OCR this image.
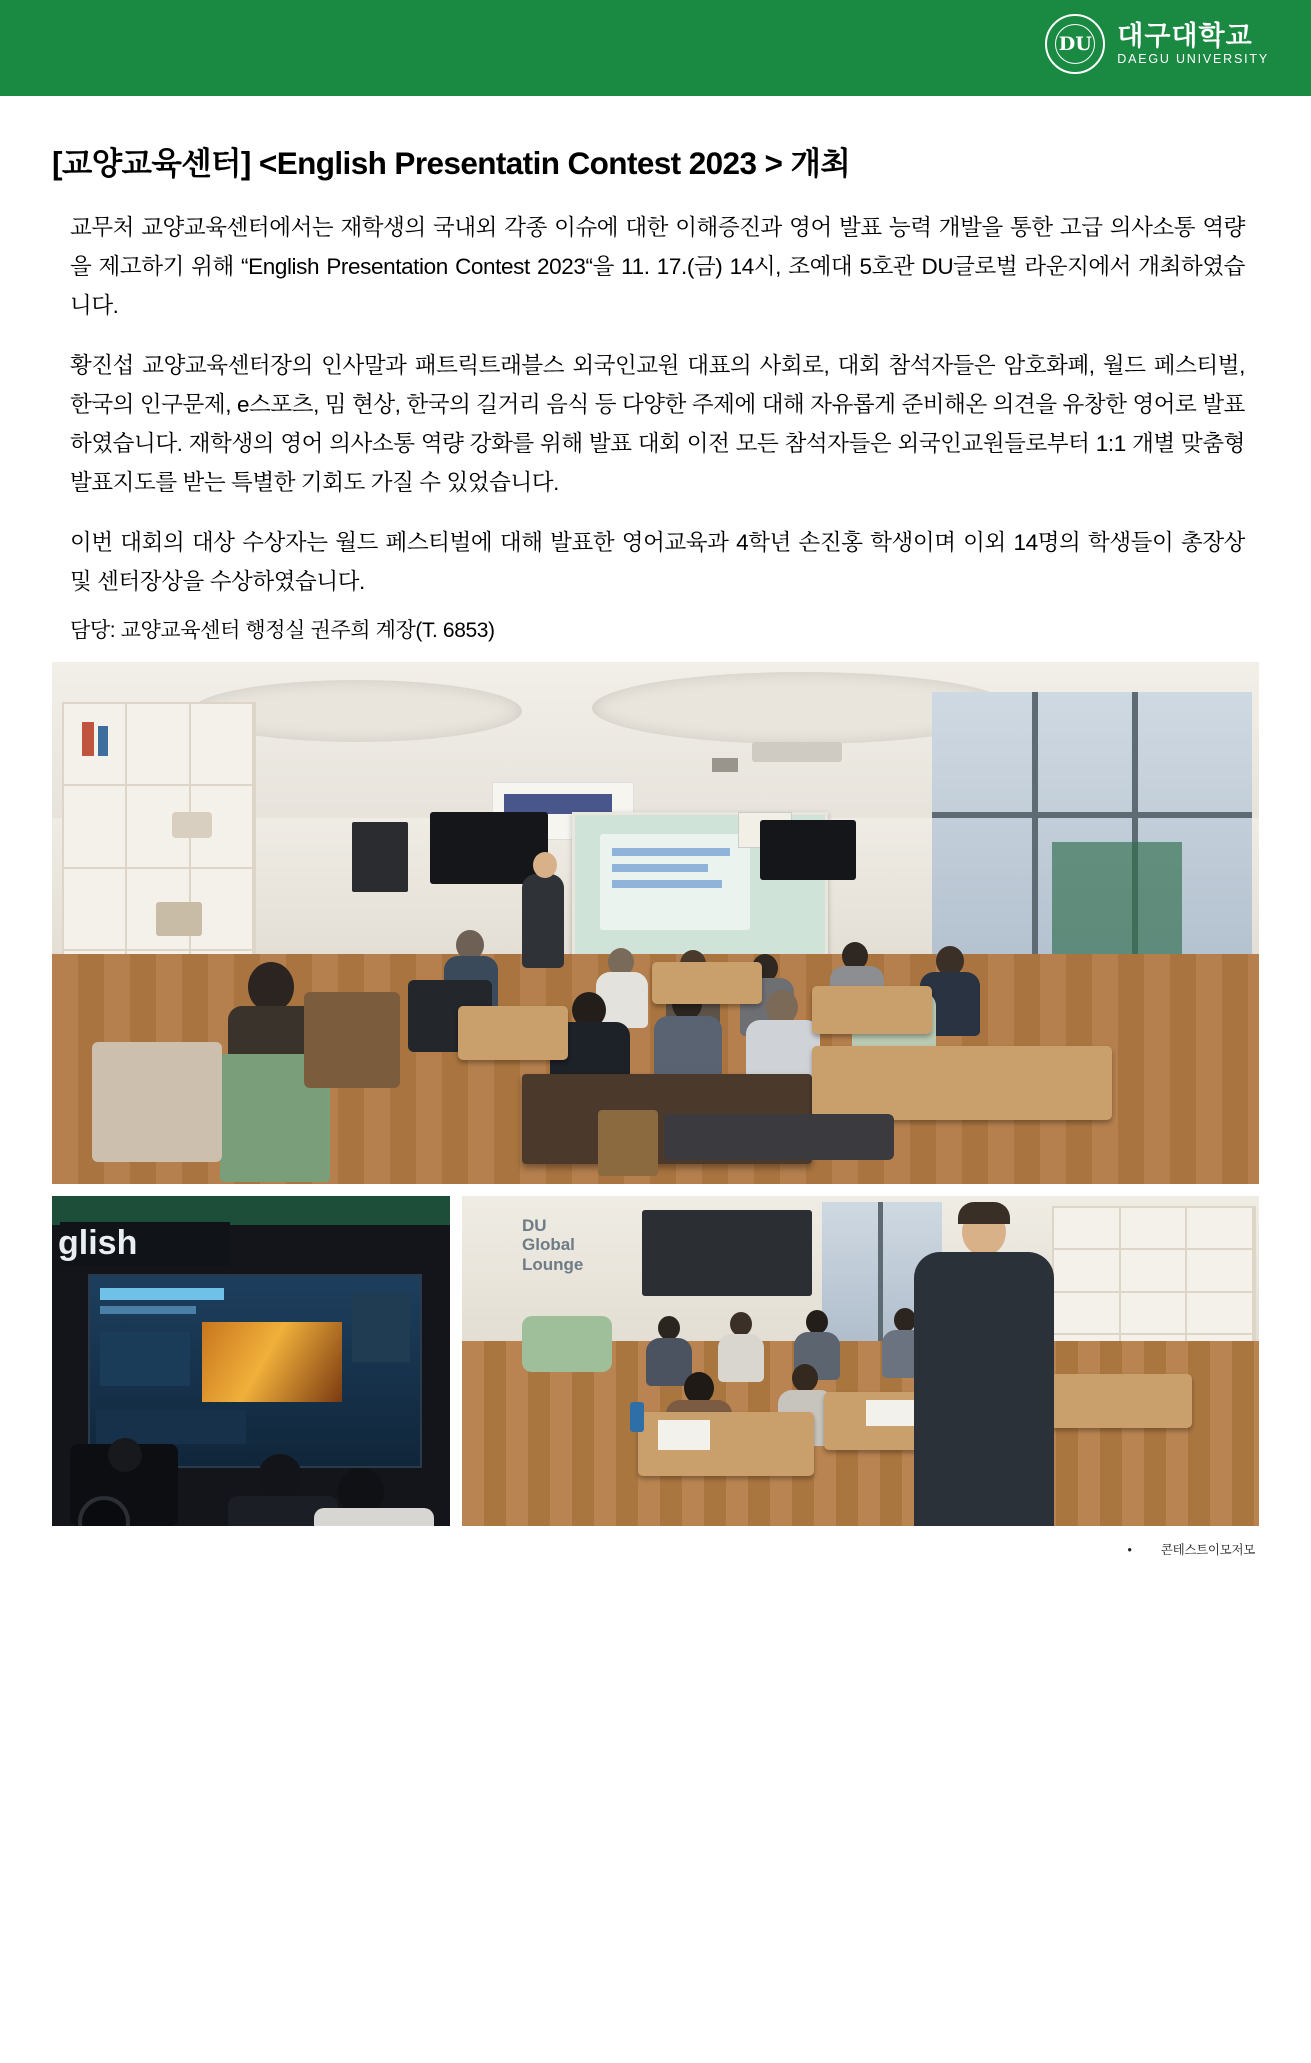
DU 대구대학교
DAEGU UNIVERSITY
[교양교육센터] <English Presentatin Contest 2023 > 개최

교무처 교양교육센터에서는 재학생의 국내외 각종 이슈에 대한 이해증진과 영어 발표 능력 개발을 통한 고급 의사소통 역량을 제고하기 위해 “English Presentation Contest 2023“을 11. 17.(금) 14시, 조예대 5호관 DU글로벌 라운지에서 개최하였습니다.

황진섭 교양교육센터장의 인사말과 패트릭트래블스 외국인교원 대표의 사회로, 대회 참석자들은 암호화폐, 월드 페스티벌, 한국의 인구문제, e스포츠, 밈 현상, 한국의 길거리 음식 등 다양한 주제에 대해 자유롭게 준비해온 의견을 유창한 영어로 발표하였습니다. 재학생의 영어 의사소통 역량 강화를 위해 발표 대회 이전 모든 참석자들은 외국인교원들로부터 1:1 개별 맞춤형 발표지도를 받는 특별한 기회도 가질 수 있었습니다.

이번 대회의 대상 수상자는 월드 페스티벌에 대해 발표한 영어교육과 4학년 손진홍 학생이며 이외 14명의 학생들이 총장상 및 센터장상을 수상하였습니다.

담당: 교양교육센터 행정실 권주희 계장(T. 6853)

glish	DU
Global Lounge
• 콘테스트이모저모
